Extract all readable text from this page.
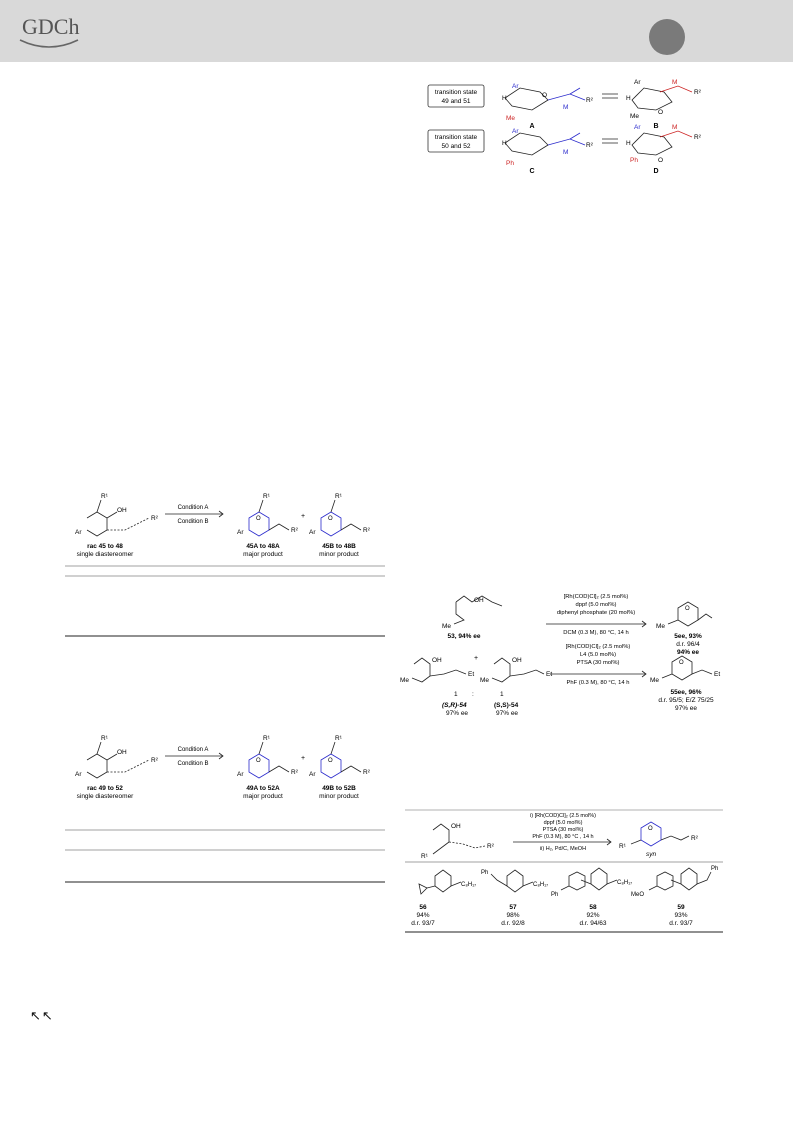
GDCh
transition state
49 and 51
transition state
50 and 52
Ar
H	O
Me
M
R²
A
Ar
H
O
Me
M
R²
B
Ar
H
Ph
M
R²
C
Ar
H
O
Ph
M
R²
D
R¹
OH
Ar
R²
rac 45 to 48
single diastereomer
Condition A
Condition B
R¹
O
Ar	R²
45A to 48A
major product
+
R¹
O
Ar	R²
45B to 48B
minor product
R¹
OH
Ar
R²
rac 49 to 52
single diastereomer
Condition A
Condition B
R¹
O
Ar	R²
49A to 52A
major product
+
R¹
O
Ar	R²
49B to 52B
minor product
OH
Me
53, 94% ee
[Rh(COD)Cl]₂ (2.5 mol%)
dppf (5.0 mol%)
diphenyl phosphate (20 mol%)
DCM (0.3 M), 80 °C, 14 h
O
Me
5ee, 93%
d.r. 96/4
94% ee
OH
Me
Et
+	OH
Me
Et
1 :	1
(S,R)-54
97% ee
(S,S)-54
97% ee
[Rh(COD)Cl]₂ (2.5 mol%)
L4 (5.0 mol%)
PTSA (30 mol%)
PhF (0.3 M), 80 °C, 14 h
O
Me
Et
55ee, 96%
d.r. 95/5; E/Z 75/25
97% ee
OH
R¹
R²
i) [Rh(COD)Cl]₂ (2.5 mol%)
dppf (5.0 mol%)
PTSA (30 mol%)
PhF (0.3 M), 80 °C , 14 h
ii) H₂, Pd/C, MeOH
O
R¹
R²
syn
C₈H₁₇
56
94%
d.r. 93/7
Ph
C₈H₁₇
57
98%
d.r. 92/8
Ph
C₈H₁₇
58
92%
d.r. 94/63
MeO
Ph
59
93%
d.r. 93/7
↖↖
